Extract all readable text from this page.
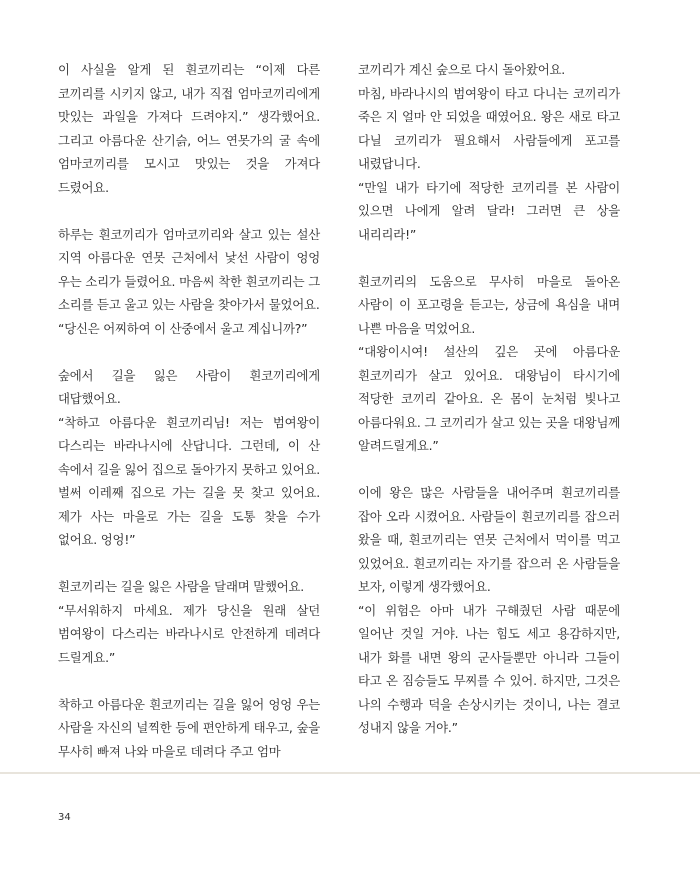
이 사실을 알게 된 흰코끼리는 “이제 다른 코끼리를 시키지 않고, 내가 직접 엄마코끼리에게 맛있는 과일을 가져다 드려야지.” 생각했어요. 그리고 아름다운 산기슭, 어느 연못가의 굴 속에 엄마코끼리를 모시고 맛있는 것을 가져다 드렸어요.

하루는 흰코끼리가 엄마코끼리와 살고 있는 설산 지역 아름다운 연못 근처에서 낯선 사람이 엉엉 우는 소리가 들렸어요. 마음씨 착한 흰코끼리는 그 소리를 듣고 울고 있는 사람을 찾아가서 물었어요.

“당신은 어찌하여 이 산중에서 울고 계십니까?”

숲에서 길을 잃은 사람이 흰코끼리에게 대답했어요.

“착하고 아름다운 흰코끼리님! 저는 범여왕이 다스리는 바라나시에 산답니다. 그런데, 이 산 속에서 길을 잃어 집으로 돌아가지 못하고 있어요. 벌써 이레째 집으로 가는 길을 못 찾고 있어요. 제가 사는 마을로 가는 길을 도통 찾을 수가 없어요. 엉엉!”

흰코끼리는 길을 잃은 사람을 달래며 말했어요.

“무서워하지 마세요. 제가 당신을 원래 살던 범여왕이 다스리는 바라나시로 안전하게 데려다 드릴게요.”

착하고 아름다운 흰코끼리는 길을 잃어 엉엉 우는 사람을 자신의 널찍한 등에 편안하게 태우고, 숲을 무사히 빠져 나와 마을로 데려다 주고 엄마

코끼리가 계신 숲으로 다시 돌아왔어요.

마침, 바라나시의 범여왕이 타고 다니는 코끼리가 죽은 지 얼마 안 되었을 때였어요. 왕은 새로 타고 다닐 코끼리가 필요해서 사람들에게 포고를 내렸답니다.

“만일 내가 타기에 적당한 코끼리를 본 사람이 있으면 나에게 알려 달라! 그러면 큰 상을 내리리라!”

흰코끼리의 도움으로 무사히 마을로 돌아온 사람이 이 포고령을 듣고는, 상금에 욕심을 내며 나쁜 마음을 먹었어요.

“대왕이시여! 설산의 깊은 곳에 아름다운 흰코끼리가 살고 있어요. 대왕님이 타시기에 적당한 코끼리 같아요. 온 몸이 눈처럼 빛나고 아름다워요. 그 코끼리가 살고 있는 곳을 대왕님께 알려드릴게요.”

이에 왕은 많은 사람들을 내어주며 흰코끼리를 잡아 오라 시켰어요. 사람들이 흰코끼리를 잡으러 왔을 때, 흰코끼리는 연못 근처에서 먹이를 먹고 있었어요. 흰코끼리는 자기를 잡으러 온 사람들을 보자, 이렇게 생각했어요.

“이 위험은 아마 내가 구해줬던 사람 때문에 일어난 것일 거야. 나는 힘도 세고 용감하지만, 내가 화를 내면 왕의 군사들뿐만 아니라 그들이 타고 온 짐승들도 무찌를 수 있어. 하지만, 그것은 나의 수행과 덕을 손상시키는 것이니, 나는 결코 성내지 않을 거야.”

34
